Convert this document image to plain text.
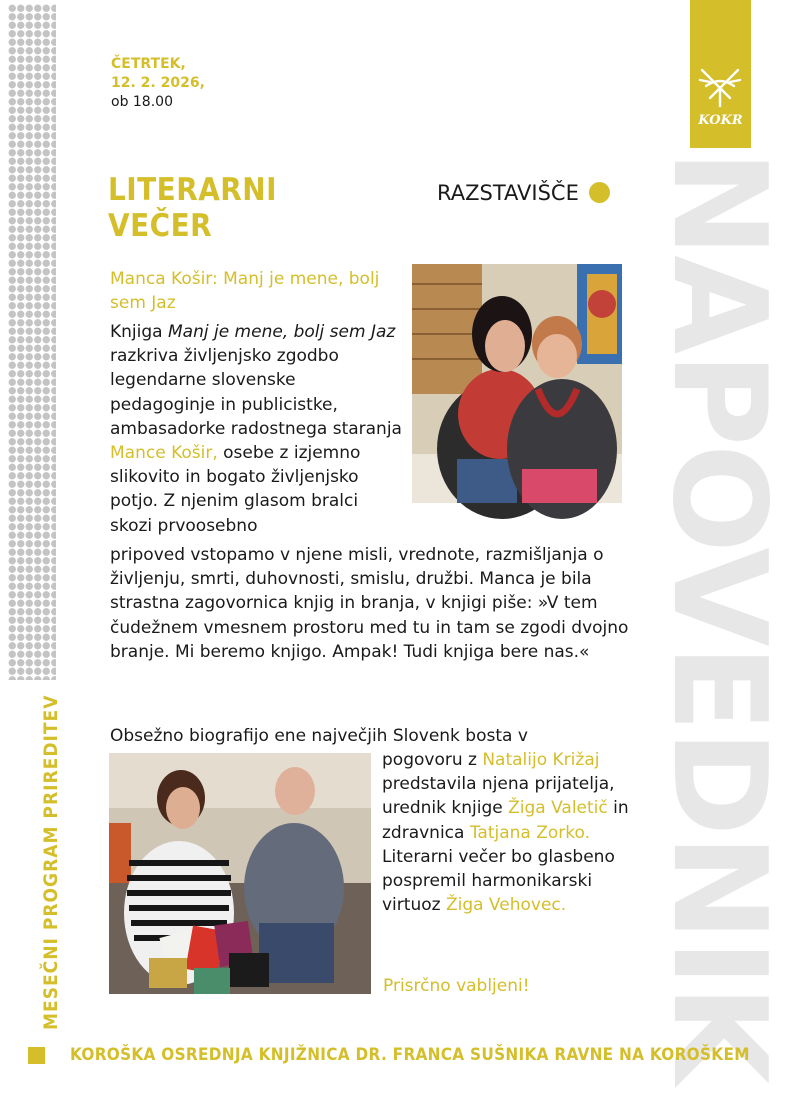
NAPOVEDNIK
KOKR
ČETRTEK,
12. 2. 2026,
ob 18.00
LITERARNI
VEČER
RAZSTAVIŠČE
Manca Košir: Manj je mene, bolj sem Jaz
Knjiga Manj je mene, bolj sem Jaz razkriva življenjsko zgodbo legendarne slovenske pedagoginje in publicistke, ambasadorke radostnega staranja Mance Košir, osebe z izjemno slikovito in bogato življenjsko potjo. Z njenim glasom bralci skozi prvoosebno
pripoved vstopamo v njene misli, vrednote, razmišljanja o življenju, smrti, duhovnosti, smislu, družbi. Manca je bila strastna zagovornica knjig in branja, v knjigi piše: »V tem čudežnem vmesnem prostoru med tu in tam se zgodi dvojno branje. Mi beremo knjigo. Ampak! Tudi knjiga bere nas.«
Obsežno biografijo ene največjih Slovenk bosta v
pogovoru z Natalijo Križaj predstavila njena prijatelja, urednik knjige Žiga Valetič in zdravnica Tatjana Zorko. Literarni večer bo glasbeno pospremil harmonikarski virtuoz Žiga Vehovec.
Prisrčno vabljeni!
MESEČNI PROGRAM PRIREDITEV
KOROŠKA OSREDNJA KNJIŽNICA DR. FRANCA SUŠNIKA RAVNE NA KOROŠKEM
